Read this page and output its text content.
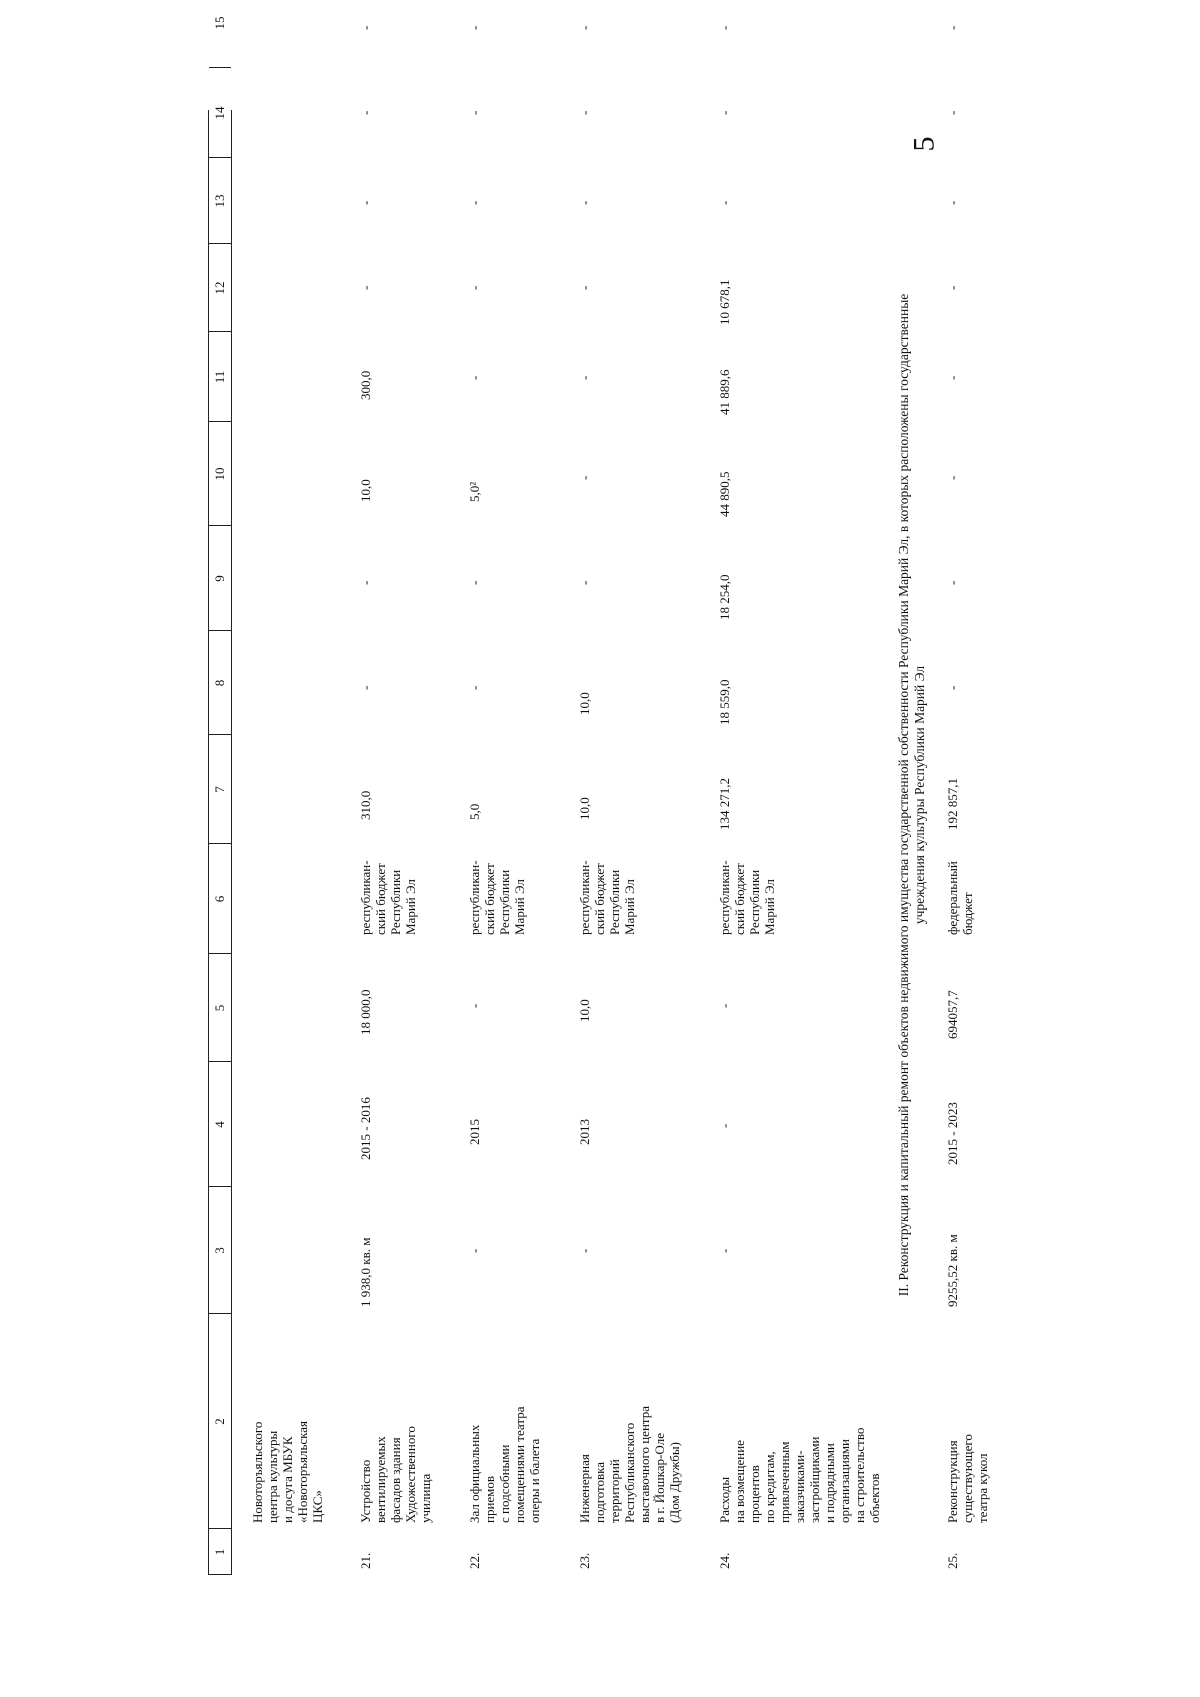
5
1
2
3
4
5
6
7
8
9
10
11
12
13
14
15
Новоторъяльского центра культуры и досуга МБУК «Новоторъяльская ЦКС»
21.
Устройство вентилируемых фасадов здания Художественного училища
1 938,0 кв. м
2015 - 2016
18 000,0
республикан- ский бюджет Республики Марий Эл
310,0
-
-
10,0
300,0
-
-
-
-
22.
Зал официальных приемов с подсобными помещениями театра оперы и балета
-
2015
-
республикан- ский бюджет Республики Марий Эл
5,0
-
-
5,0²
-
-
-
-
-
23.
Инженерная подготовка территорий Республиканского выставочного центра в г. Йошкар-Оле (Дом Дружбы)
-
2013
10,0
республикан- ский бюджет Республики Марий Эл
10,0
10,0
-
-
-
-
-
-
-
24.
Расходы на возмещение процентов по кредитам, привлеченным заказчиками- застройщиками и подрядными организациями на строительство объектов
-
-
-
республикан- ский бюджет Республики Марий Эл
134 271,2
18 559,0
18 254,0
44 890,5
41 889,6
10 678,1
-
-
-
II. Реконструкция и капитальный ремонт объектов недвижимого имущества государственной собственности Республики Марий Эл, в которых расположены государственные учреждения культуры Республики Марий Эл
25.
Реконструкция существующего театра кукол
9255,52 кв. м
2015 - 2023
694057,7
федеральный бюджет
192 857,1
-
-
-
-
-
-
-
-
